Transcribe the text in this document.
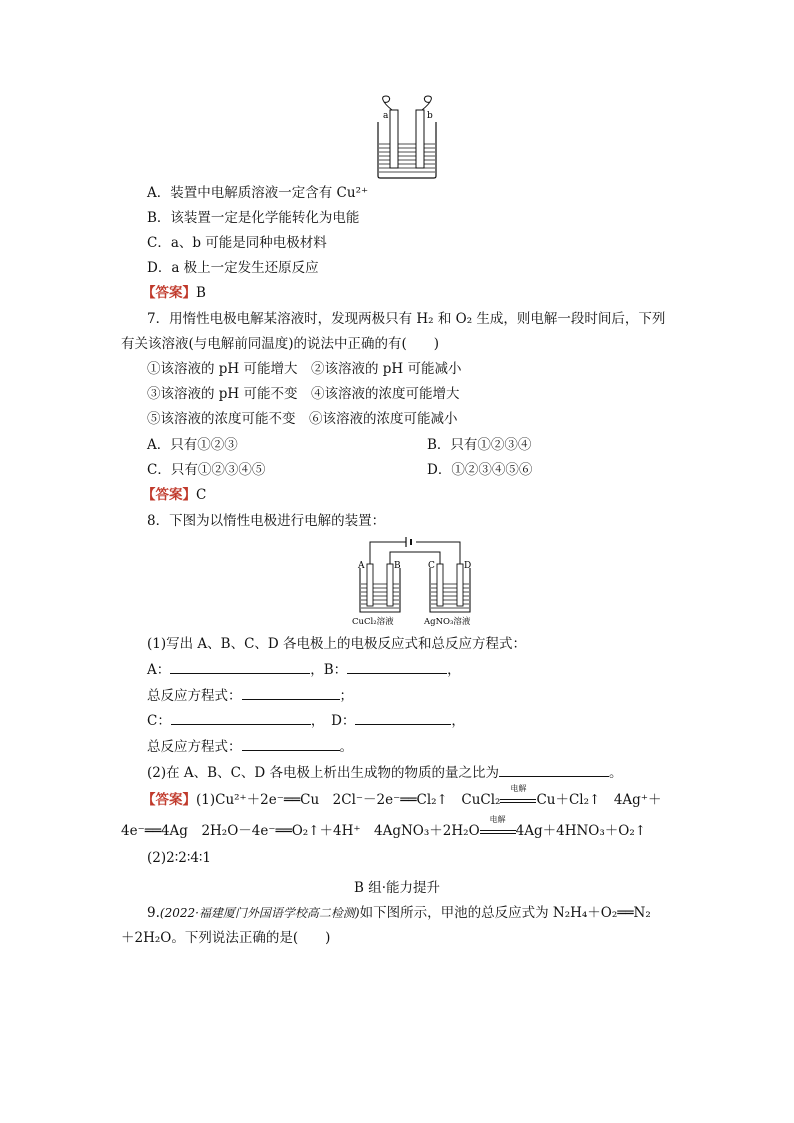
a	b
A．装置中电解质溶液一定含有 Cu²⁺
B．该装置一定是化学能转化为电能
C．a、b 可能是同种电极材料
D．a 极上一定发生还原反应
【答案】B
7．用惰性电极电解某溶液时，发现两极只有 H₂ 和 O₂ 生成，则电解一段时间后，下列
有关该溶液(与电解前同温度)的说法中正确的有(　　)
①该溶液的 pH 可能增大　②该溶液的 pH 可能减小
③该溶液的 pH 可能不变　④该溶液的浓度可能增大
⑤该溶液的浓度可能不变　⑥该溶液的浓度可能减小
A．只有①②③	B．只有①②③④
C．只有①②③④⑤	D．①②③④⑤⑥
【答案】C
8．下图为以惰性电极进行电解的装置：
A	B	C	D
CuCl₂溶液	AgNO₃溶液
(1)写出 A、B、C、D 各电极上的电极反应式和总反应方程式：
A：	，B：	，
总反应方程式：	；
C：	，　D：	，
总反应方程式：	。
(2)在 A、B、C、D 各电极上析出生成物的物质的量之比为	。
【答案】(1)Cu²⁺＋2e⁻══Cu　2Cl⁻－2e⁻══Cl₂↑　CuCl₂
电解
Cu＋Cl₂↑　4Ag⁺＋
4e⁻══4Ag　2H₂O－4e⁻══O₂↑＋4H⁺　4AgNO₃＋2H₂O
电解
4Ag＋4HNO₃＋O₂↑
(2)2∶2∶4∶1
B 组·能力提升
9.(2022·福建厦门外国语学校高二检测)如下图所示，甲池的总反应式为 N₂H₄＋O₂══N₂
＋2H₂O。下列说法正确的是(　　)
